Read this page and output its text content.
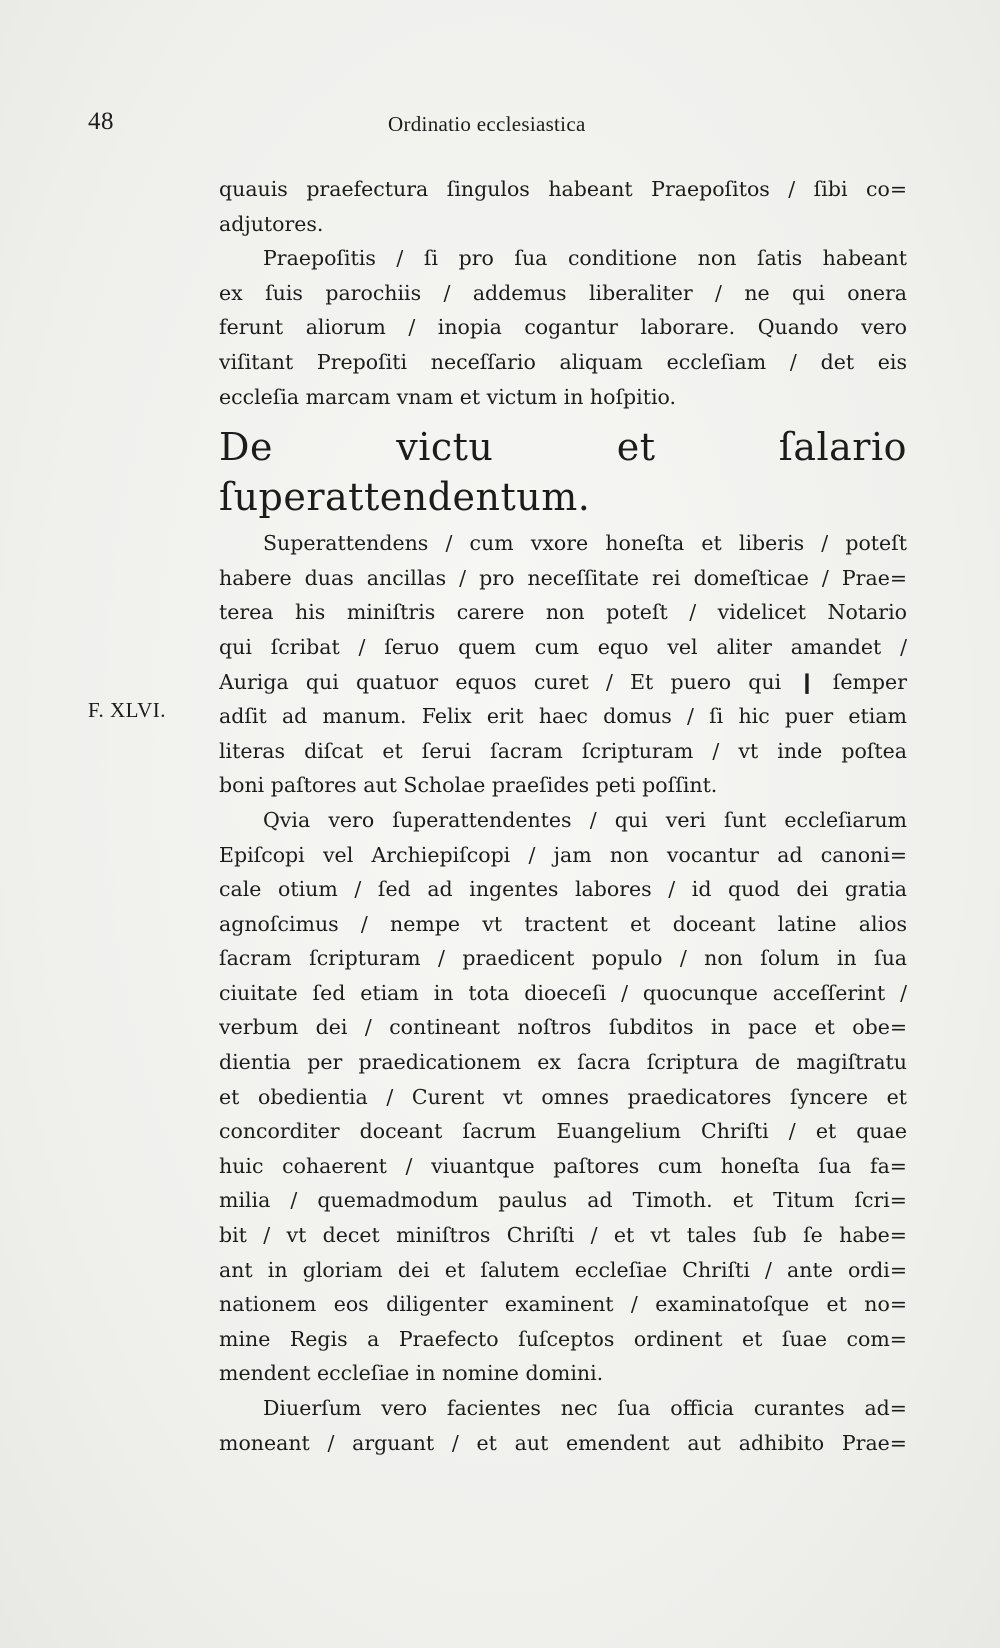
48	Ordinatio ecclesiastica
quauis praefectura ſingulos habeant Praepoſitos / ſibi co=
adjutores.
Praepoſitis / ſi pro ſua conditione non ſatis habeant
ex ſuis parochiis / addemus liberaliter / ne qui onera
ferunt aliorum / inopia cogantur laborare. Quando vero
viſitant Prepoſiti neceſſario aliquam eccleſiam / det eis
eccleſia marcam vnam et victum in hoſpitio.
De victu et ſalario
ſuperattendentum.
Superattendens / cum vxore honeſta et liberis / poteſt
habere duas ancillas / pro neceſſitate rei domeſticae / Prae=
terea his miniſtris carere non poteſt / videlicet Notario
qui ſcribat / ſeruo quem cum equo vel aliter amandet /
Auriga qui quatuor equos curet / Et puero qui ❙ ſemper
adſit ad manum. Felix erit haec domus / ſi hic puer etiam
literas diſcat et ſerui ſacram ſcripturam / vt inde poſtea
boni paſtores aut Scholae praeſides peti poſſint.
Qvia vero ſuperattendentes / qui veri ſunt eccleſiarum
Epiſcopi vel Archiepiſcopi / jam non vocantur ad canoni=
cale otium / ſed ad ingentes labores / id quod dei gratia
agnoſcimus / nempe vt tractent et doceant latine alios
ſacram ſcripturam / praedicent populo / non ſolum in ſua
ciuitate ſed etiam in tota dioeceſi / quocunque acceſſerint /
verbum dei / contineant noſtros ſubditos in pace et obe=
dientia per praedicationem ex ſacra ſcriptura de magiſtratu
et obedientia / Curent vt omnes praedicatores ſyncere et
concorditer doceant ſacrum Euangelium Chriſti / et quae
huic cohaerent / viuantque paſtores cum honeſta ſua fa=
milia / quemadmodum paulus ad Timoth. et Titum ſcri=
bit / vt decet miniſtros Chriſti / et vt tales ſub ſe habe=
ant in gloriam dei et ſalutem eccleſiae Chriſti / ante ordi=
nationem eos diligenter examinent / examinatoſque et no=
mine Regis a Praefecto ſuſceptos ordinent et ſuae com=
mendent eccleſiae in nomine domini.
Diuerſum vero facientes nec ſua officia curantes ad=
moneant / arguant / et aut emendent aut adhibito Prae=
F. XLVI.
